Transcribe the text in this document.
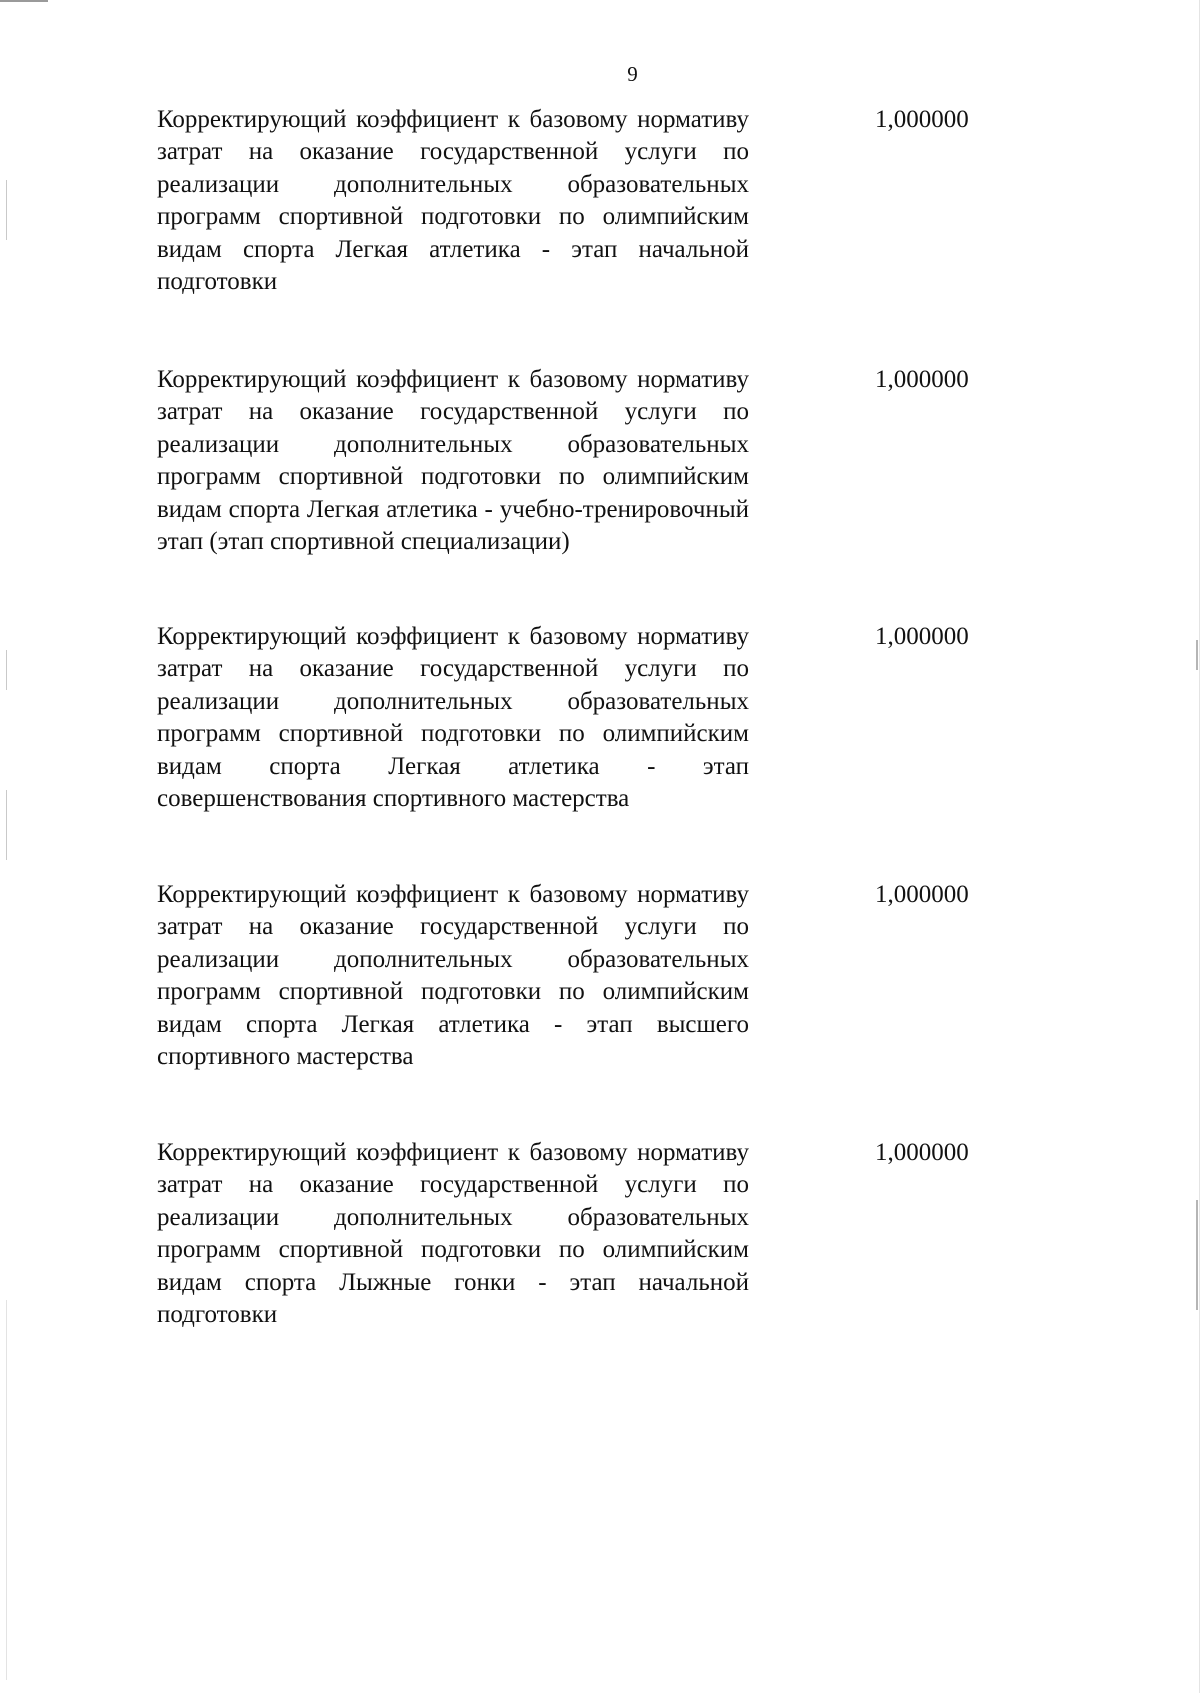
9

Корректирующий коэффициент к базовому нормативу затрат на оказание государственной услуги по реализации дополнительных образовательных программ спортивной подготовки по олимпийским видам спорта Легкая атлетика - этап начальной подготовки

1,000000

Корректирующий коэффициент к базовому нормативу затрат на оказание государственной услуги по реализации дополнительных образовательных программ спортивной подготовки по олимпийским видам спорта Легкая атлетика - учебно-тренировочный этап (этап спортивной специализации)

1,000000

Корректирующий коэффициент к базовому нормативу затрат на оказание государственной услуги по реализации дополнительных образовательных программ спортивной подготовки по олимпийским видам спорта Легкая атлетика - этап совершенствования спортивного мастерства

1,000000

Корректирующий коэффициент к базовому нормативу затрат на оказание государственной услуги по реализации дополнительных образовательных программ спортивной подготовки по олимпийским видам спорта Легкая атлетика - этап высшего спортивного мастерства

1,000000

Корректирующий коэффициент к базовому нормативу затрат на оказание государственной услуги по реализации дополнительных образовательных программ спортивной подготовки по олимпийским видам спорта Лыжные гонки - этап начальной подготовки

1,000000
